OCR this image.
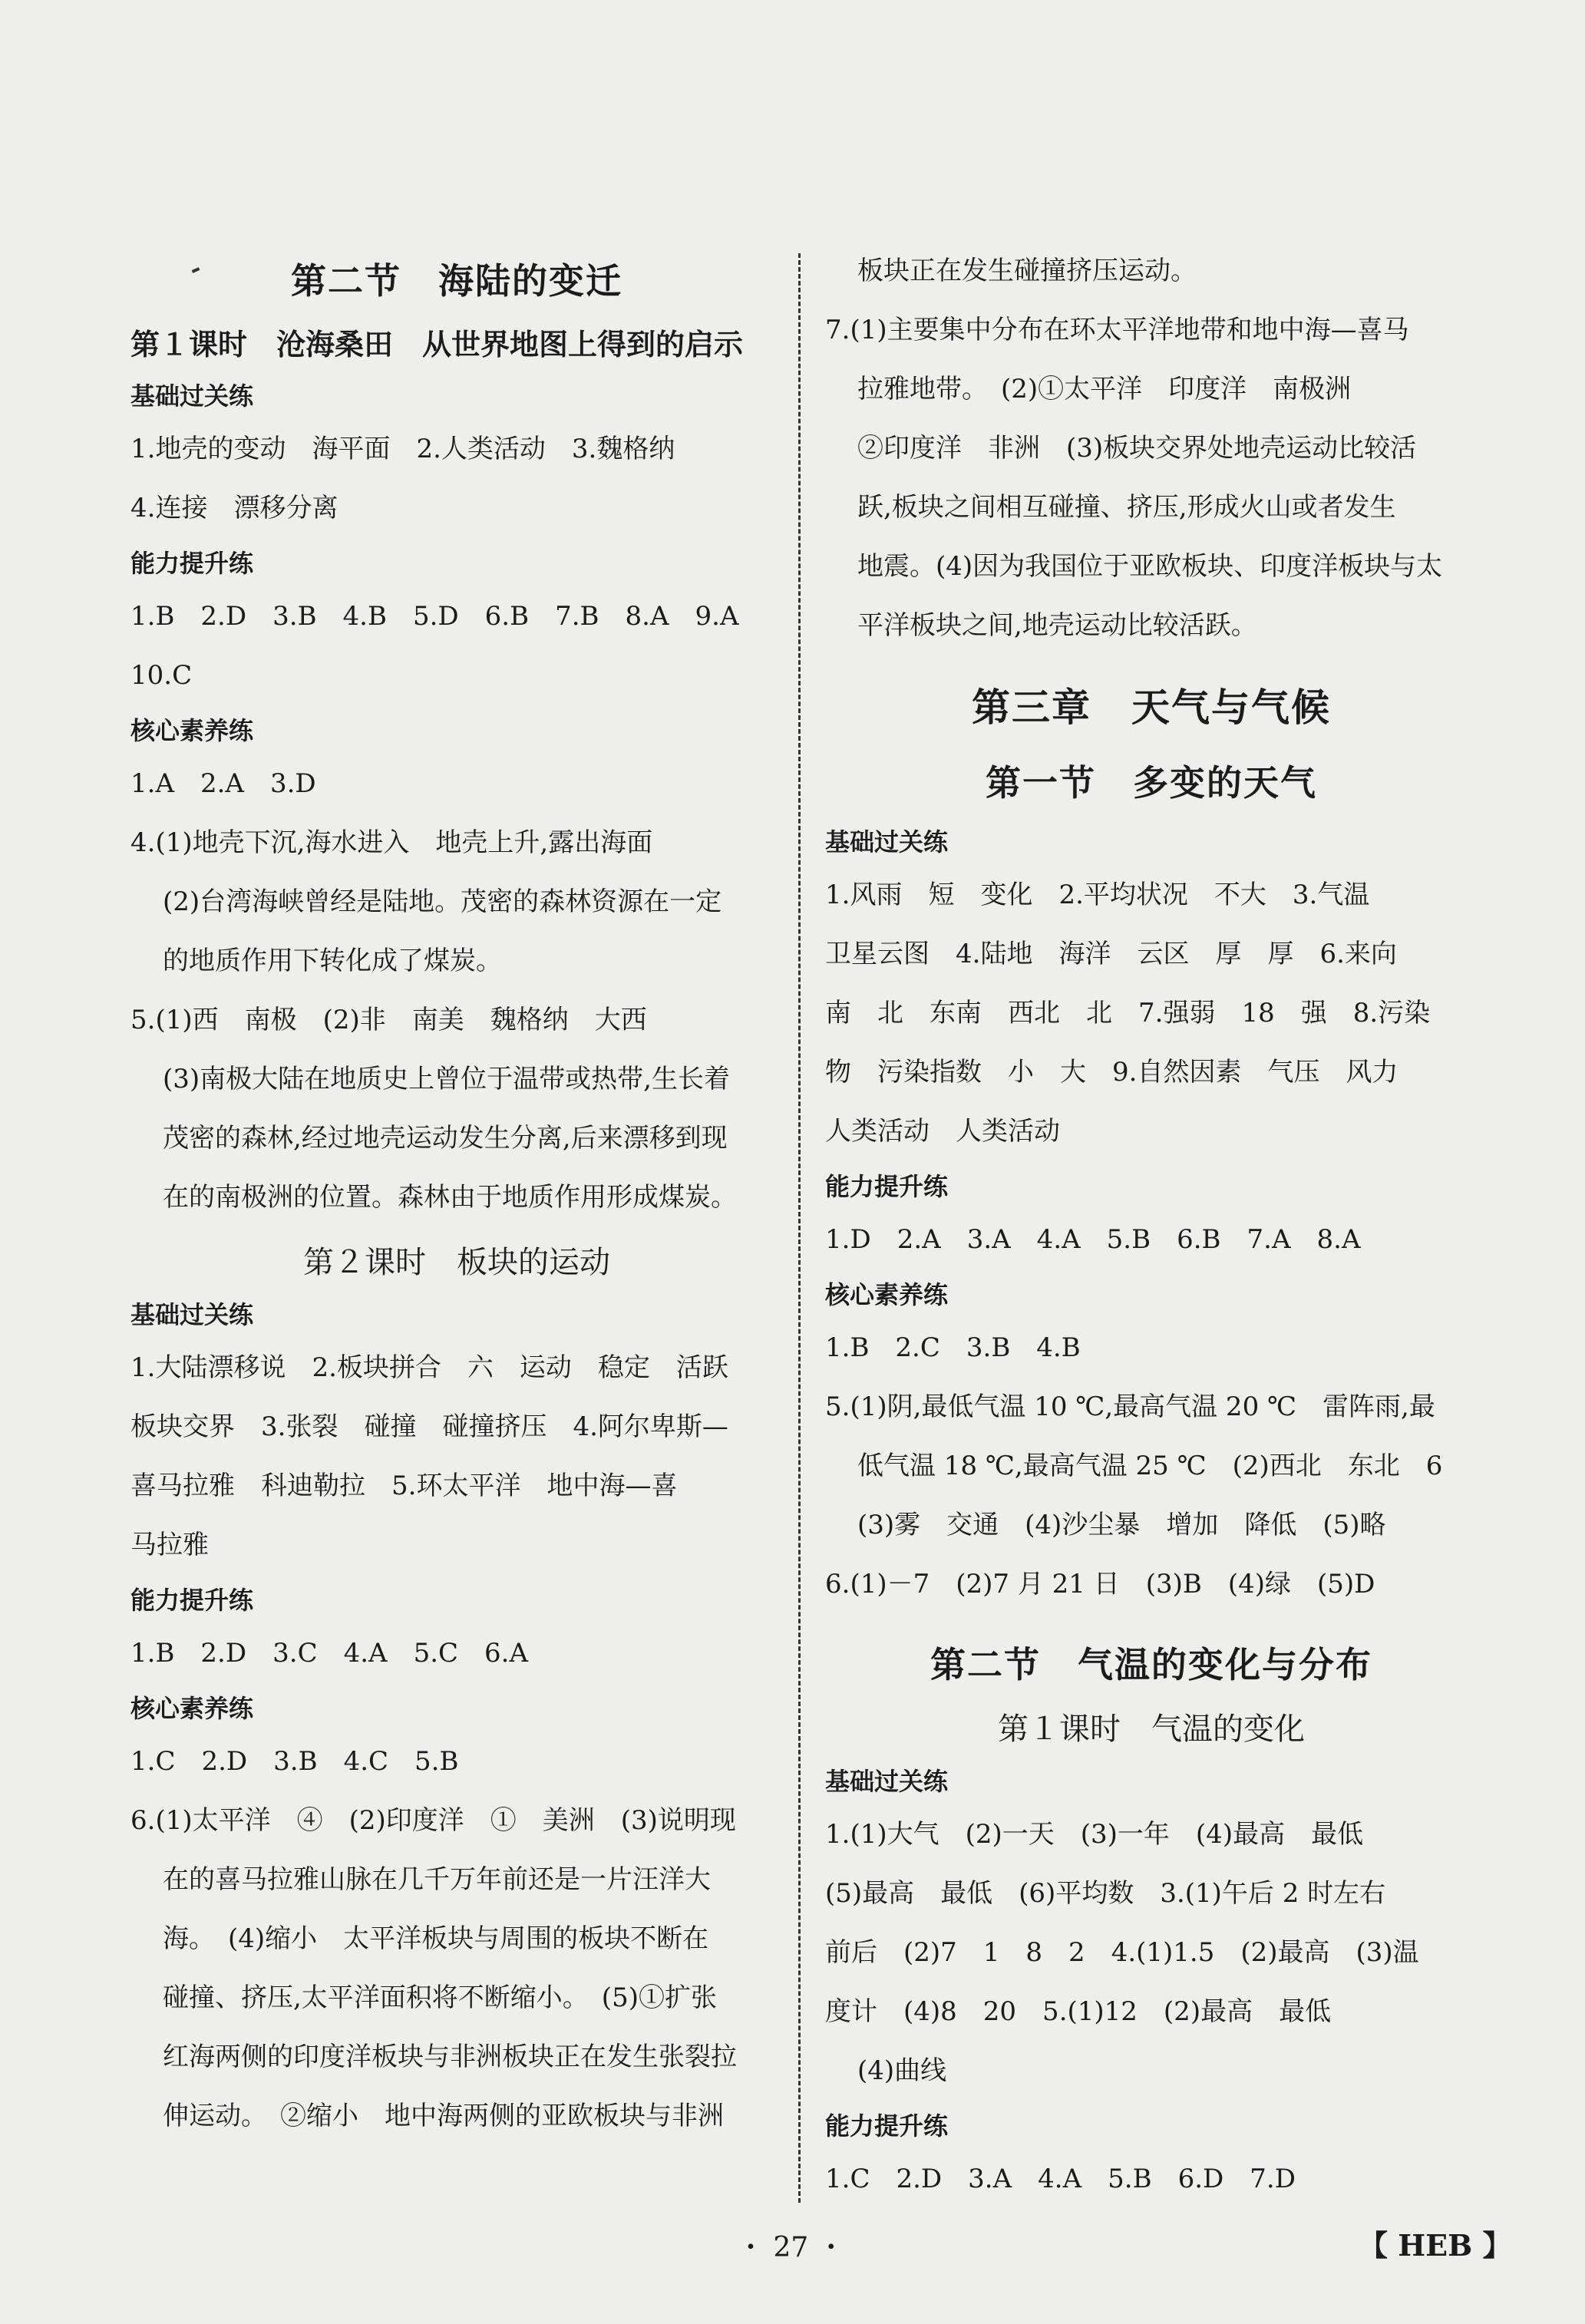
第二节　海陆的变迁
第１课时　沧海桑田　从世界地图上得到的启示
基础过关练
1.地壳的变动　海平面　2.人类活动　3.魏格纳
4.连接　漂移分离
能力提升练
1.B　2.D　3.B　4.B　5.D　6.B　7.B　8.A　9.A
10.C
核心素养练
1.A　2.A　3.D
4.(1)地壳下沉,海水进入　地壳上升,露出海面
(2)台湾海峡曾经是陆地。茂密的森林资源在一定
的地质作用下转化成了煤炭。
5.(1)西　南极　(2)非　南美　魏格纳　大西
(3)南极大陆在地质史上曾位于温带或热带,生长着
茂密的森林,经过地壳运动发生分离,后来漂移到现
在的南极洲的位置。森林由于地质作用形成煤炭。
第２课时　板块的运动
基础过关练
1.大陆漂移说　2.板块拼合　六　运动　稳定　活跃
板块交界　3.张裂　碰撞　碰撞挤压　4.阿尔卑斯—
喜马拉雅　科迪勒拉　5.环太平洋　地中海—喜
马拉雅
能力提升练
1.B　2.D　3.C　4.A　5.C　6.A
核心素养练
1.C　2.D　3.B　4.C　5.B
6.(1)太平洋　④　(2)印度洋　①　美洲　(3)说明现
在的喜马拉雅山脉在几千万年前还是一片汪洋大
海。　(4)缩小　太平洋板块与周围的板块不断在
碰撞、挤压,太平洋面积将不断缩小。　(5)①扩张
红海两侧的印度洋板块与非洲板块正在发生张裂拉
伸运动。　②缩小　地中海两侧的亚欧板块与非洲
板块正在发生碰撞挤压运动。
7.(1)主要集中分布在环太平洋地带和地中海—喜马
拉雅地带。　(2)①太平洋　印度洋　南极洲
②印度洋　非洲　(3)板块交界处地壳运动比较活
跃,板块之间相互碰撞、挤压,形成火山或者发生
地震。(4)因为我国位于亚欧板块、印度洋板块与太
平洋板块之间,地壳运动比较活跃。
第三章　天气与气候
第一节　多变的天气
基础过关练
1.风雨　短　变化　2.平均状况　不大　3.气温
卫星云图　4.陆地　海洋　云区　厚　厚　6.来向
南　北　东南　西北　北　7.强弱　18　强　8.污染
物　污染指数　小　大　9.自然因素　气压　风力
人类活动　人类活动
能力提升练
1.D　2.A　3.A　4.A　5.B　6.B　7.A　8.A
核心素养练
1.B　2.C　3.B　4.B
5.(1)阴,最低气温 10 ℃,最高气温 20 ℃　雷阵雨,最
低气温 18 ℃,最高气温 25 ℃　(2)西北　东北　6
(3)雾　交通　(4)沙尘暴　增加　降低　(5)略
6.(1)－7　(2)7 月 21 日　(3)B　(4)绿　(5)D
第二节　气温的变化与分布
第１课时　气温的变化
基础过关练
1.(1)大气　(2)一天　(3)一年　(4)最高　最低
(5)最高　最低　(6)平均数　3.(1)午后 2 时左右
前后　(2)7　1　8　2　4.(1)1.5　(2)最高　(3)温
度计　(4)8　20　5.(1)12　(2)最高　最低
(4)曲线
能力提升练
1.C　2.D　3.A　4.A　5.B　6.D　7.D
・ 27 ・	【 HEB 】
